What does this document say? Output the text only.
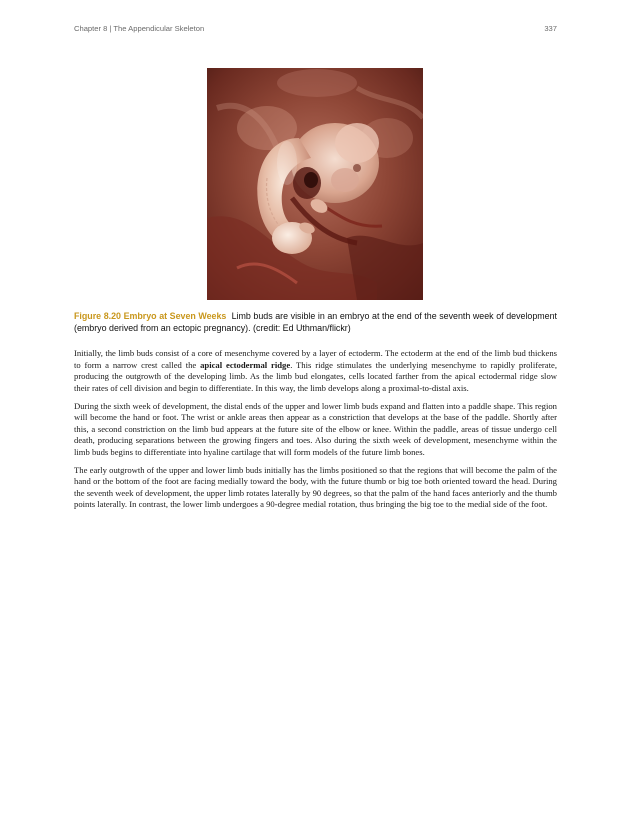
Chapter 8 | The Appendicular Skeleton	337
Figure 8.20 Embryo at Seven Weeks Limb buds are visible in an embryo at the end of the seventh week of development (embryo derived from an ectopic pregnancy). (credit: Ed Uthman/flickr)

Initially, the limb buds consist of a core of mesenchyme covered by a layer of ectoderm. The ectoderm at the end of the limb bud thickens to form a narrow crest called the apical ectodermal ridge. This ridge stimulates the underlying mesenchyme to rapidly proliferate, producing the outgrowth of the developing limb. As the limb bud elongates, cells located farther from the apical ectodermal ridge slow their rates of cell division and begin to differentiate. In this way, the limb develops along a proximal-to-distal axis.

During the sixth week of development, the distal ends of the upper and lower limb buds expand and flatten into a paddle shape. This region will become the hand or foot. The wrist or ankle areas then appear as a constriction that develops at the base of the paddle. Shortly after this, a second constriction on the limb bud appears at the future site of the elbow or knee. Within the paddle, areas of tissue undergo cell death, producing separations between the growing fingers and toes. Also during the sixth week of development, mesenchyme within the limb buds begins to differentiate into hyaline cartilage that will form models of the future limb bones.

The early outgrowth of the upper and lower limb buds initially has the limbs positioned so that the regions that will become the palm of the hand or the bottom of the foot are facing medially toward the body, with the future thumb or big toe both oriented toward the head. During the seventh week of development, the upper limb rotates laterally by 90 degrees, so that the palm of the hand faces anteriorly and the thumb points laterally. In contrast, the lower limb undergoes a 90-degree medial rotation, thus bringing the big toe to the medial side of the foot.
